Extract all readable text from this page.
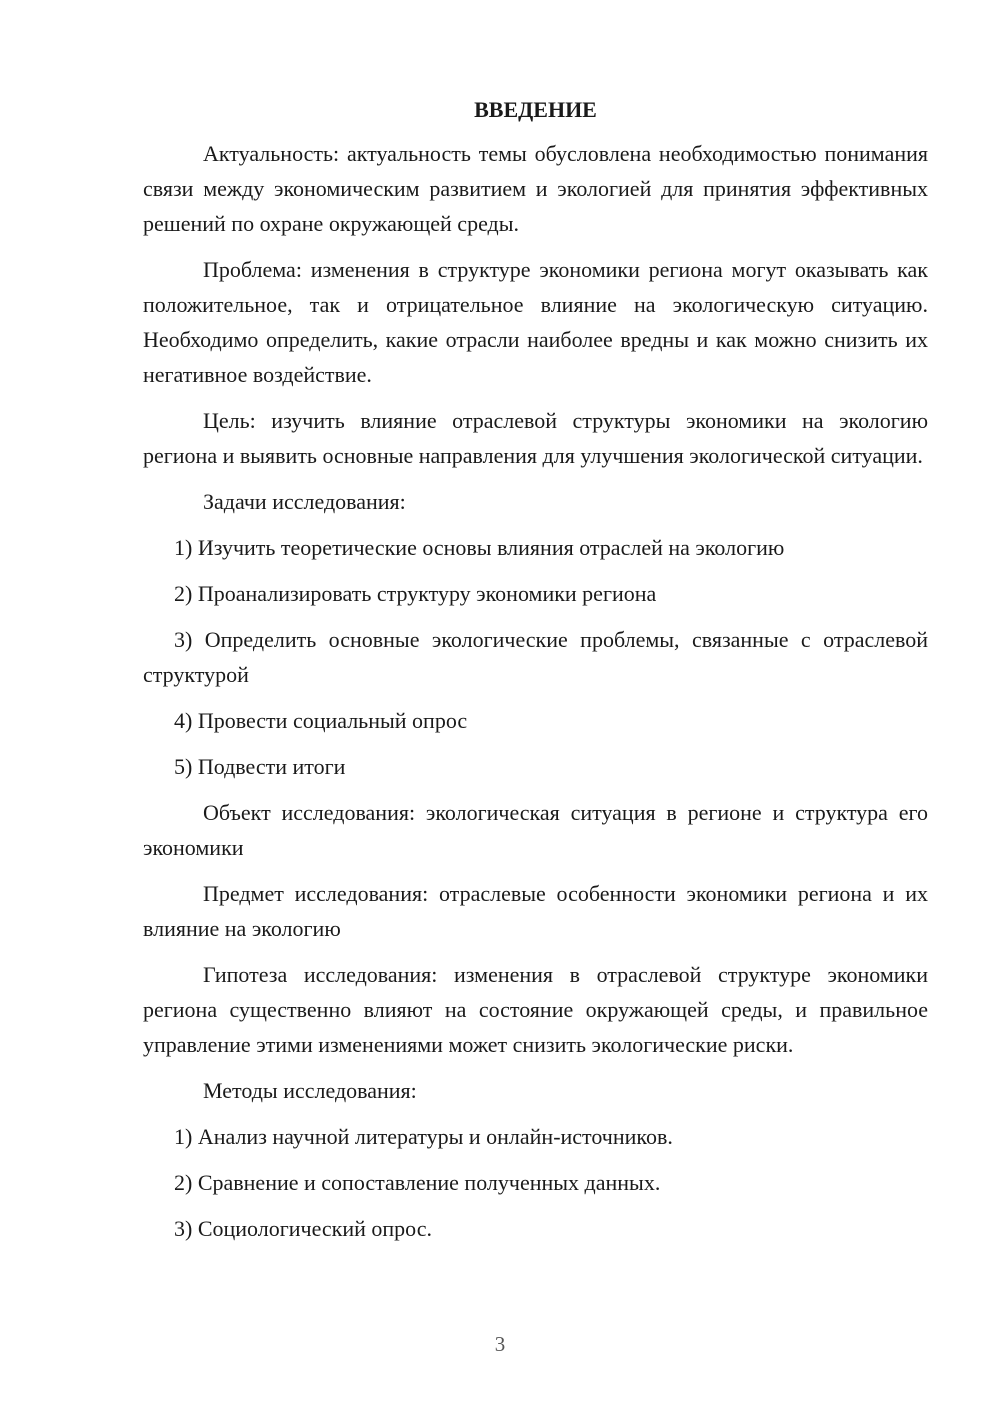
ВВЕДЕНИЕ
Актуальность: актуальность темы обусловлена необходимостью понимания связи между экономическим развитием и экологией для принятия эффективных решений по охране окружающей среды.
Проблема: изменения в структуре экономики региона могут оказывать как положительное, так и отрицательное влияние на экологическую ситуацию. Необходимо определить, какие отрасли наиболее вредны и как можно снизить их негативное воздействие.
Цель: изучить влияние отраслевой структуры экономики на экологию региона и выявить основные направления для улучшения экологической ситуации.
Задачи исследования:
1) Изучить теоретические основы влияния отраслей на экологию
2) Проанализировать структуру экономики региона
3) Определить основные экологические проблемы, связанные с отраслевой структурой
4) Провести социальный опрос
5) Подвести итоги
Объект исследования: экологическая ситуация в регионе и структура его экономики
Предмет исследования: отраслевые особенности экономики региона и их влияние на экологию
Гипотеза исследования: изменения в отраслевой структуре экономики региона существенно влияют на состояние окружающей среды, и правильное управление этими изменениями может снизить экологические риски.
Методы исследования:
1) Анализ научной литературы и онлайн-источников.
2) Сравнение и сопоставление полученных данных.
3) Социологический опрос.
3
